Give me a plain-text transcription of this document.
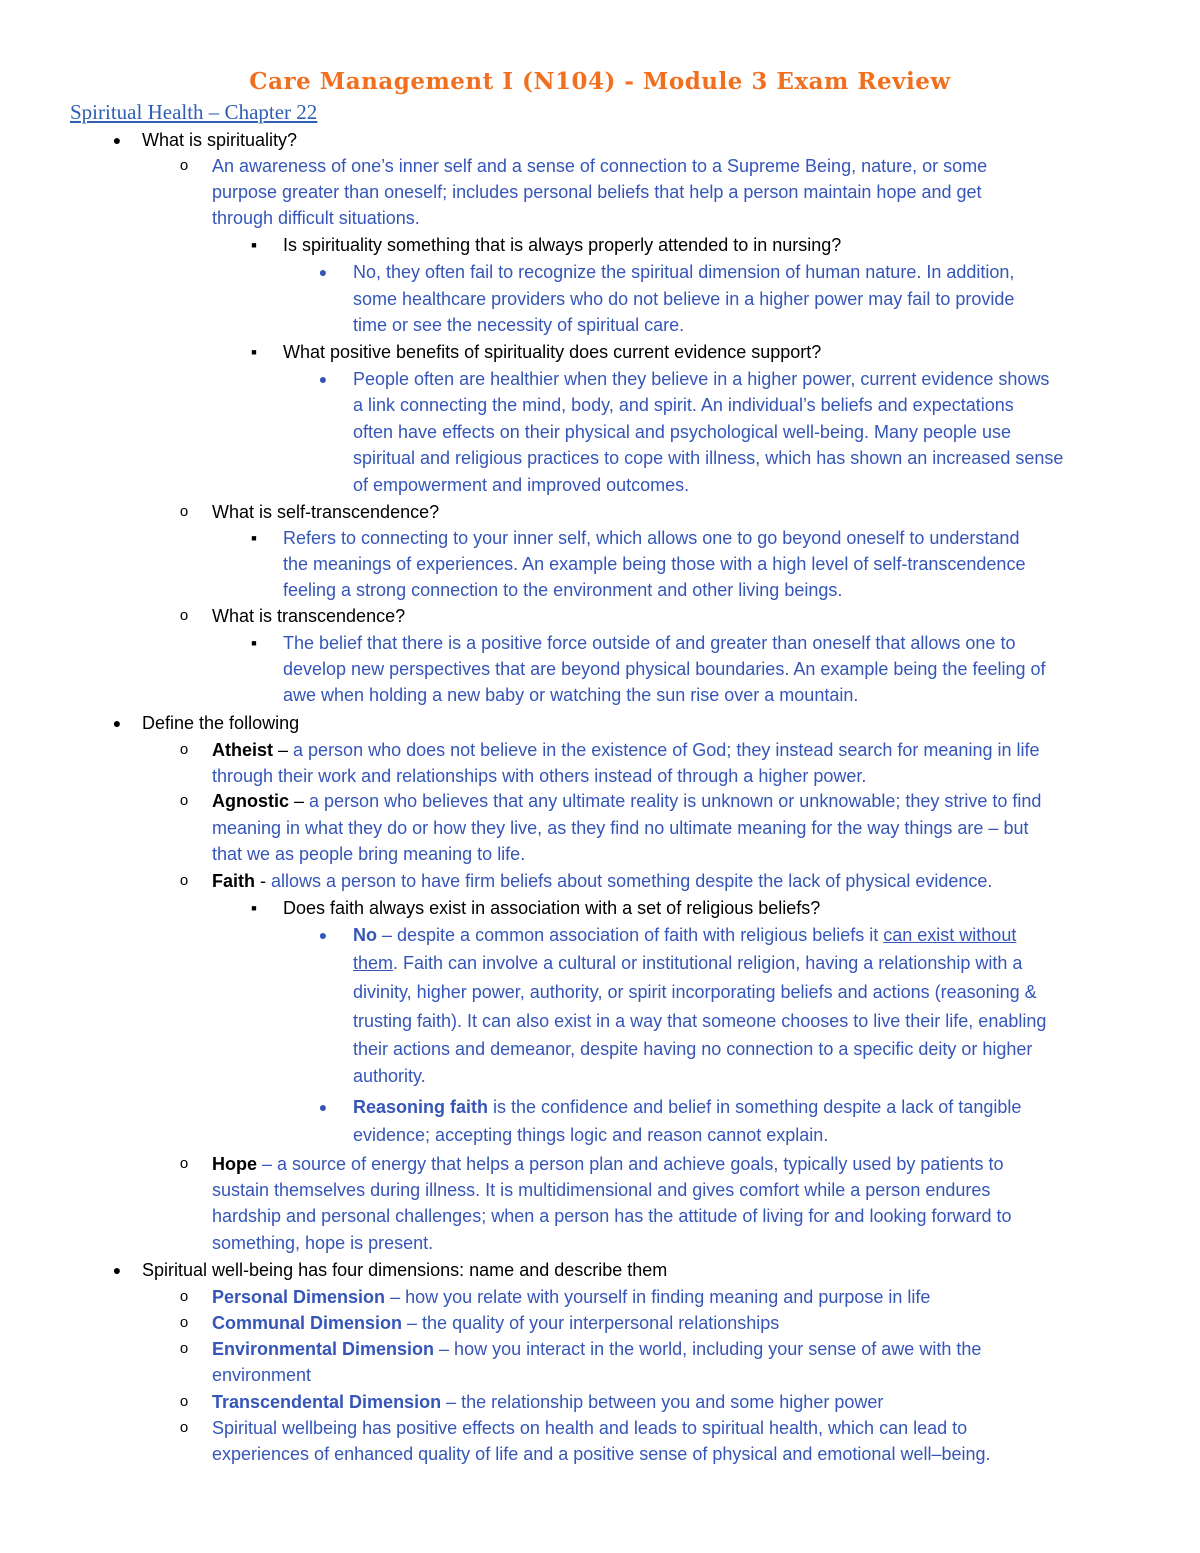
Care Management I (N104) - Module 3 Exam Review
Spiritual Health – Chapter 22
●
What is spirituality?
o
An awareness of one’s inner self and a sense of connection to a Supreme Being, nature, or some
purpose greater than oneself; includes personal beliefs that help a person maintain hope and get
through difficult situations.
■
Is spirituality something that is always properly attended to in nursing?
●
No, they often fail to recognize the spiritual dimension of human nature. In addition,
some healthcare providers who do not believe in a higher power may fail to provide
time or see the necessity of spiritual care.
■
What positive benefits of spirituality does current evidence support?
●
People often are healthier when they believe in a higher power, current evidence shows
a link connecting the mind, body, and spirit. An individual’s beliefs and expectations
often have effects on their physical and psychological well-being. Many people use
spiritual and religious practices to cope with illness, which has shown an increased sense
of empowerment and improved outcomes.
o
What is self-transcendence?
■
Refers to connecting to your inner self, which allows one to go beyond oneself to understand
the meanings of experiences. An example being those with a high level of self-transcendence
feeling a strong connection to the environment and other living beings.
o
What is transcendence?
■
The belief that there is a positive force outside of and greater than oneself that allows one to
develop new perspectives that are beyond physical boundaries. An example being the feeling of
awe when holding a new baby or watching the sun rise over a mountain.
●
Define the following
o
Atheist – a person who does not believe in the existence of God; they instead search for meaning in life
through their work and relationships with others instead of through a higher power.
o
Agnostic – a person who believes that any ultimate reality is unknown or unknowable; they strive to find
meaning in what they do or how they live, as they find no ultimate meaning for the way things are – but
that we as people bring meaning to life.
o
Faith - allows a person to have firm beliefs about something despite the lack of physical evidence.
■
Does faith always exist in association with a set of religious beliefs?
●
No – despite a common association of faith with religious beliefs it can exist without
them. Faith can involve a cultural or institutional religion, having a relationship with a
divinity, higher power, authority, or spirit incorporating beliefs and actions (reasoning &
trusting faith). It can also exist in a way that someone chooses to live their life, enabling
their actions and demeanor, despite having no connection to a specific deity or higher
authority.
●
Reasoning faith is the confidence and belief in something despite a lack of tangible
evidence; accepting things logic and reason cannot explain.
o
Hope – a source of energy that helps a person plan and achieve goals, typically used by patients to
sustain themselves during illness. It is multidimensional and gives comfort while a person endures
hardship and personal challenges; when a person has the attitude of living for and looking forward to
something, hope is present.
●
Spiritual well-being has four dimensions: name and describe them
o
Personal Dimension – how you relate with yourself in finding meaning and purpose in life
o
Communal Dimension – the quality of your interpersonal relationships
o
Environmental Dimension – how you interact in the world, including your sense of awe with the
environment
o
Transcendental Dimension – the relationship between you and some higher power
o
Spiritual wellbeing has positive effects on health and leads to spiritual health, which can lead to
experiences of enhanced quality of life and a positive sense of physical and emotional well–being.
